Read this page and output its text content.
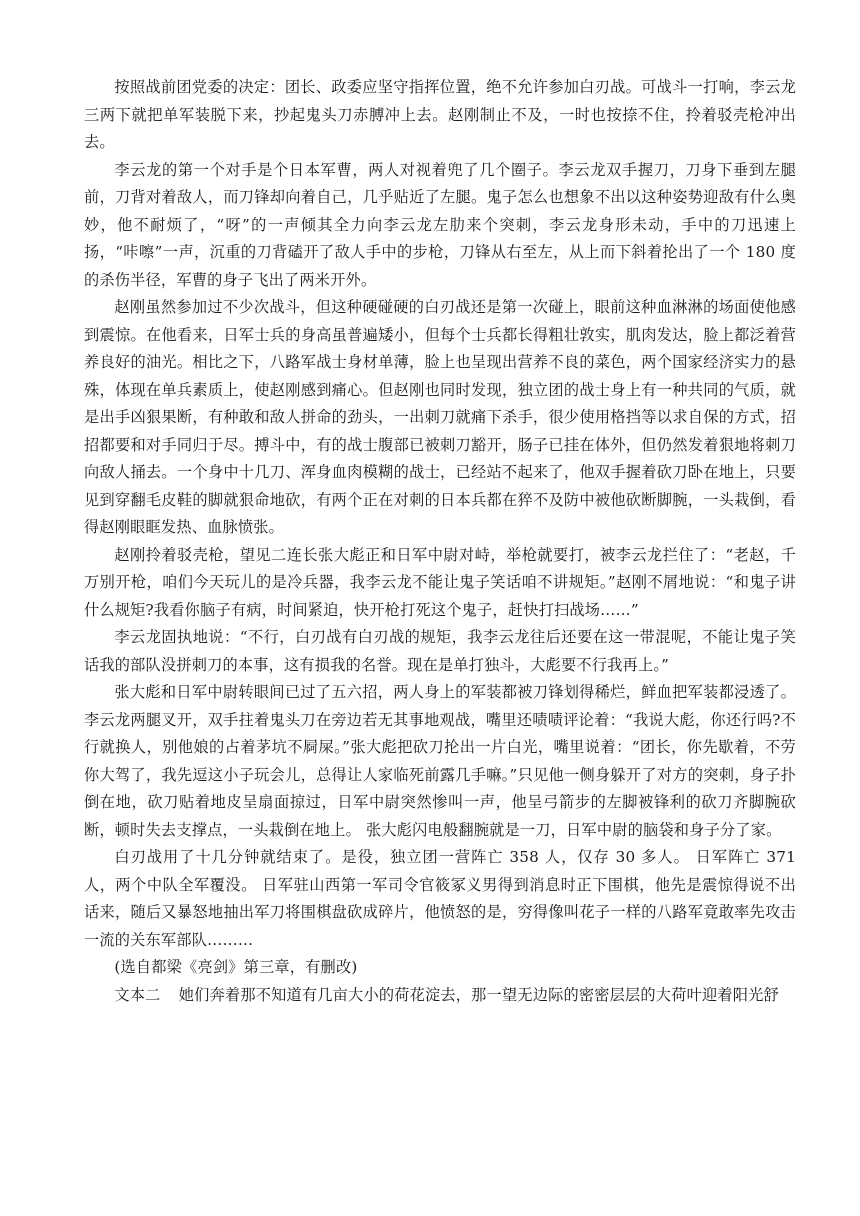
按照战前团党委的决定：团长、政委应坚守指挥位置，绝不允许参加白刃战。可战斗一打响，李云龙三两下就把单军装脱下来，抄起鬼头刀赤膊冲上去。赵刚制止不及，一时也按捺不住，拎着驳壳枪冲出去。

李云龙的第一个对手是个日本军曹，两人对视着兜了几个圈子。李云龙双手握刀，刀身下垂到左腿前，刀背对着敌人，而刀锋却向着自己，几乎贴近了左腿。鬼子怎么也想象不出以这种姿势迎敌有什么奥妙，他不耐烦了，“呀”的一声倾其全力向李云龙左肋来个突刺，李云龙身形未动，手中的刀迅速上扬，“咔嚓”一声，沉重的刀背磕开了敌人手中的步枪，刀锋从右至左，从上而下斜着抡出了一个 180 度的杀伤半径，军曹的身子飞出了两米开外。

赵刚虽然参加过不少次战斗，但这种硬碰硬的白刃战还是第一次碰上，眼前这种血淋淋的场面使他感到震惊。在他看来，日军士兵的身高虽普遍矮小，但每个士兵都长得粗壮敦实，肌肉发达，脸上都泛着营养良好的油光。相比之下，八路军战士身材单薄，脸上也呈现出营养不良的菜色，两个国家经济实力的悬殊，体现在单兵素质上，使赵刚感到痛心。但赵刚也同时发现，独立团的战士身上有一种共同的气质，就是出手凶狠果断，有种敢和敌人拼命的劲头，一出刺刀就痛下杀手，很少使用格挡等以求自保的方式，招招都要和对手同归于尽。搏斗中，有的战士腹部已被刺刀豁开，肠子已挂在体外，但仍然发着狠地将刺刀向敌人捅去。一个身中十几刀、浑身血肉模糊的战士，已经站不起来了，他双手握着砍刀卧在地上，只要见到穿翻毛皮鞋的脚就狠命地砍，有两个正在对刺的日本兵都在猝不及防中被他砍断脚腕，一头栽倒，看得赵刚眼眶发热、血脉愤张。

赵刚拎着驳壳枪，望见二连长张大彪正和日军中尉对峙，举枪就要打，被李云龙拦住了：“老赵，千万别开枪，咱们今天玩儿的是冷兵器，我李云龙不能让鬼子笑话咱不讲规矩。”赵刚不屑地说：“和鬼子讲什么规矩?我看你脑子有病，时间紧迫，快开枪打死这个鬼子，赶快打扫战场……”

李云龙固执地说：“不行，白刃战有白刃战的规矩，我李云龙往后还要在这一带混呢，不能让鬼子笑话我的部队没拼刺刀的本事，这有损我的名誉。现在是单打独斗，大彪要不行我再上。”

张大彪和日军中尉转眼间已过了五六招，两人身上的军装都被刀锋划得稀烂，鲜血把军装都浸透了。李云龙两腿叉开，双手拄着鬼头刀在旁边若无其事地观战，嘴里还啧啧评论着：“我说大彪，你还行吗?不行就换人，别他娘的占着茅坑不屙屎。”张大彪把砍刀抡出一片白光，嘴里说着：“团长，你先歇着，不劳你大驾了，我先逗这小子玩会儿，总得让人家临死前露几手嘛。”只见他一侧身躲开了对方的突刺，身子扑倒在地，砍刀贴着地皮呈扇面掠过，日军中尉突然惨叫一声，他呈弓箭步的左脚被锋利的砍刀齐脚腕砍断，顿时失去支撑点，一头栽倒在地上。 张大彪闪电般翻腕就是一刀，日军中尉的脑袋和身子分了家。

白刃战用了十几分钟就结束了。是役，独立团一营阵亡 358 人，仅存 30 多人。 日军阵亡 371 人，两个中队全军覆没。 日军驻山西第一军司令官筱冢义男得到消息时正下围棋，他先是震惊得说不出话来，随后又暴怒地抽出军刀将围棋盘砍成碎片，他愤怒的是，穷得像叫花子一样的八路军竟敢率先攻击一流的关东军部队………

(选自都梁《亮剑》第三章，有删改)

文本二 她们奔着那不知道有几亩大小的荷花淀去，那一望无边际的密密层层的大荷叶迎着阳光舒
